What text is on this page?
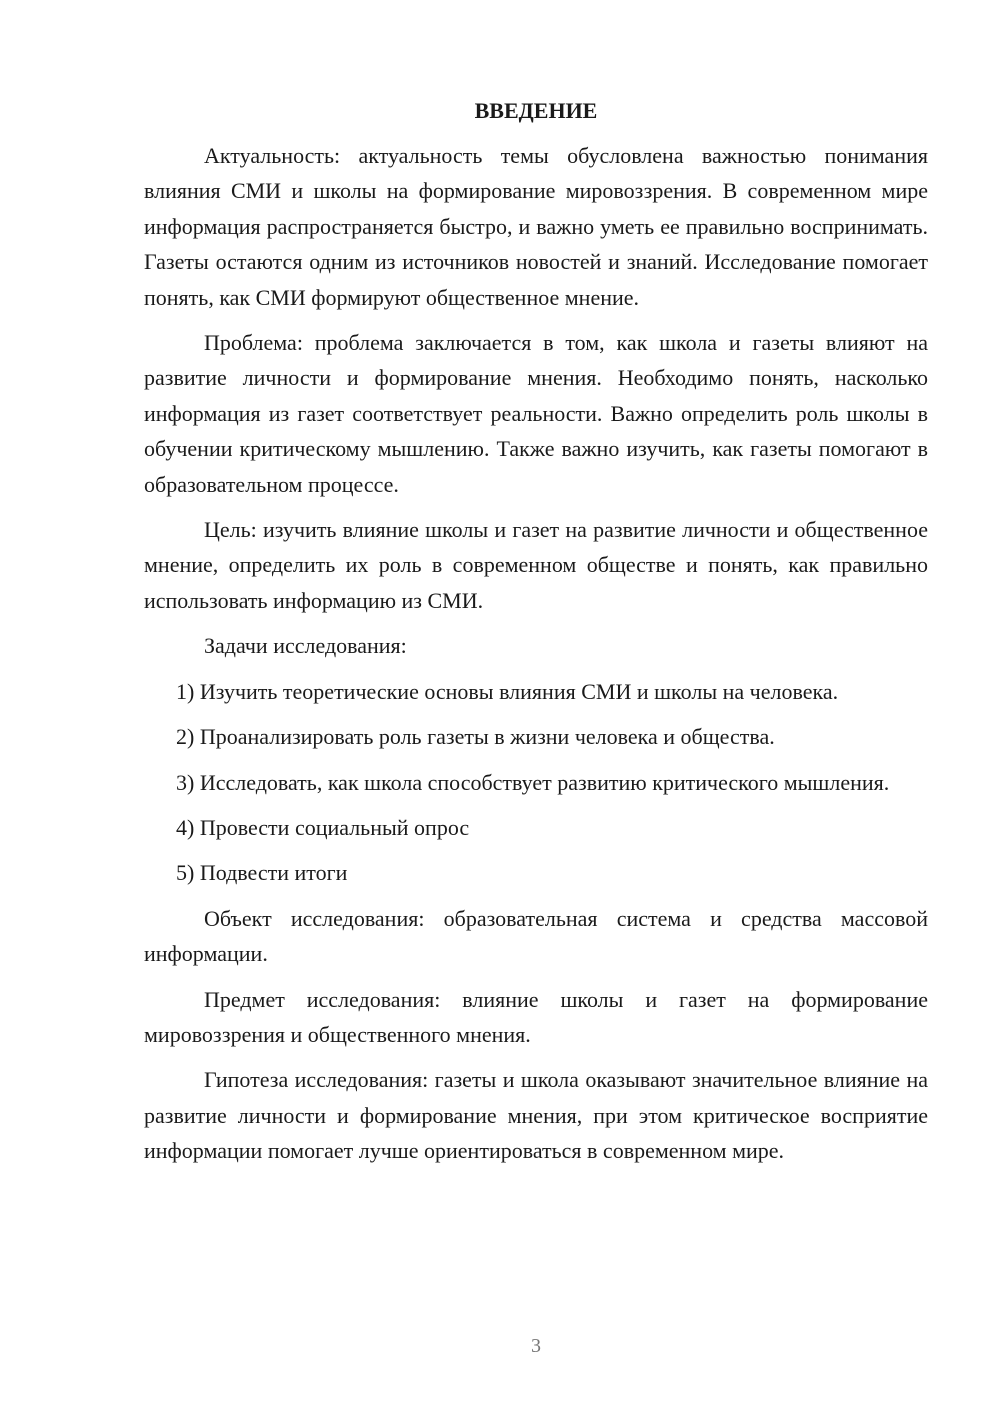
ВВЕДЕНИЕ

Актуальность: актуальность темы обусловлена важностью понимания влияния СМИ и школы на формирование мировоззрения. В современном мире информация распространяется быстро, и важно уметь ее правильно воспринимать. Газеты остаются одним из источников новостей и знаний. Исследование помогает понять, как СМИ формируют общественное мнение.

Проблема: проблема заключается в том, как школа и газеты влияют на развитие личности и формирование мнения. Необходимо понять, насколько информация из газет соответствует реальности. Важно определить роль школы в обучении критическому мышлению. Также важно изучить, как газеты помогают в образовательном процессе.

Цель: изучить влияние школы и газет на развитие личности и общественное мнение, определить их роль в современном обществе и понять, как правильно использовать информацию из СМИ.

Задачи исследования:

1) Изучить теоретические основы влияния СМИ и школы на человека.

2) Проанализировать роль газеты в жизни человека и общества.

3) Исследовать, как школа способствует развитию критического мышления.

4) Провести социальный опрос

5) Подвести итоги

Объект исследования: образовательная система и средства массовой информации.

Предмет исследования: влияние школы и газет на формирование мировоззрения и общественного мнения.

Гипотеза исследования: газеты и школа оказывают значительное влияние на развитие личности и формирование мнения, при этом критическое восприятие информации помогает лучше ориентироваться в современном мире.

3
